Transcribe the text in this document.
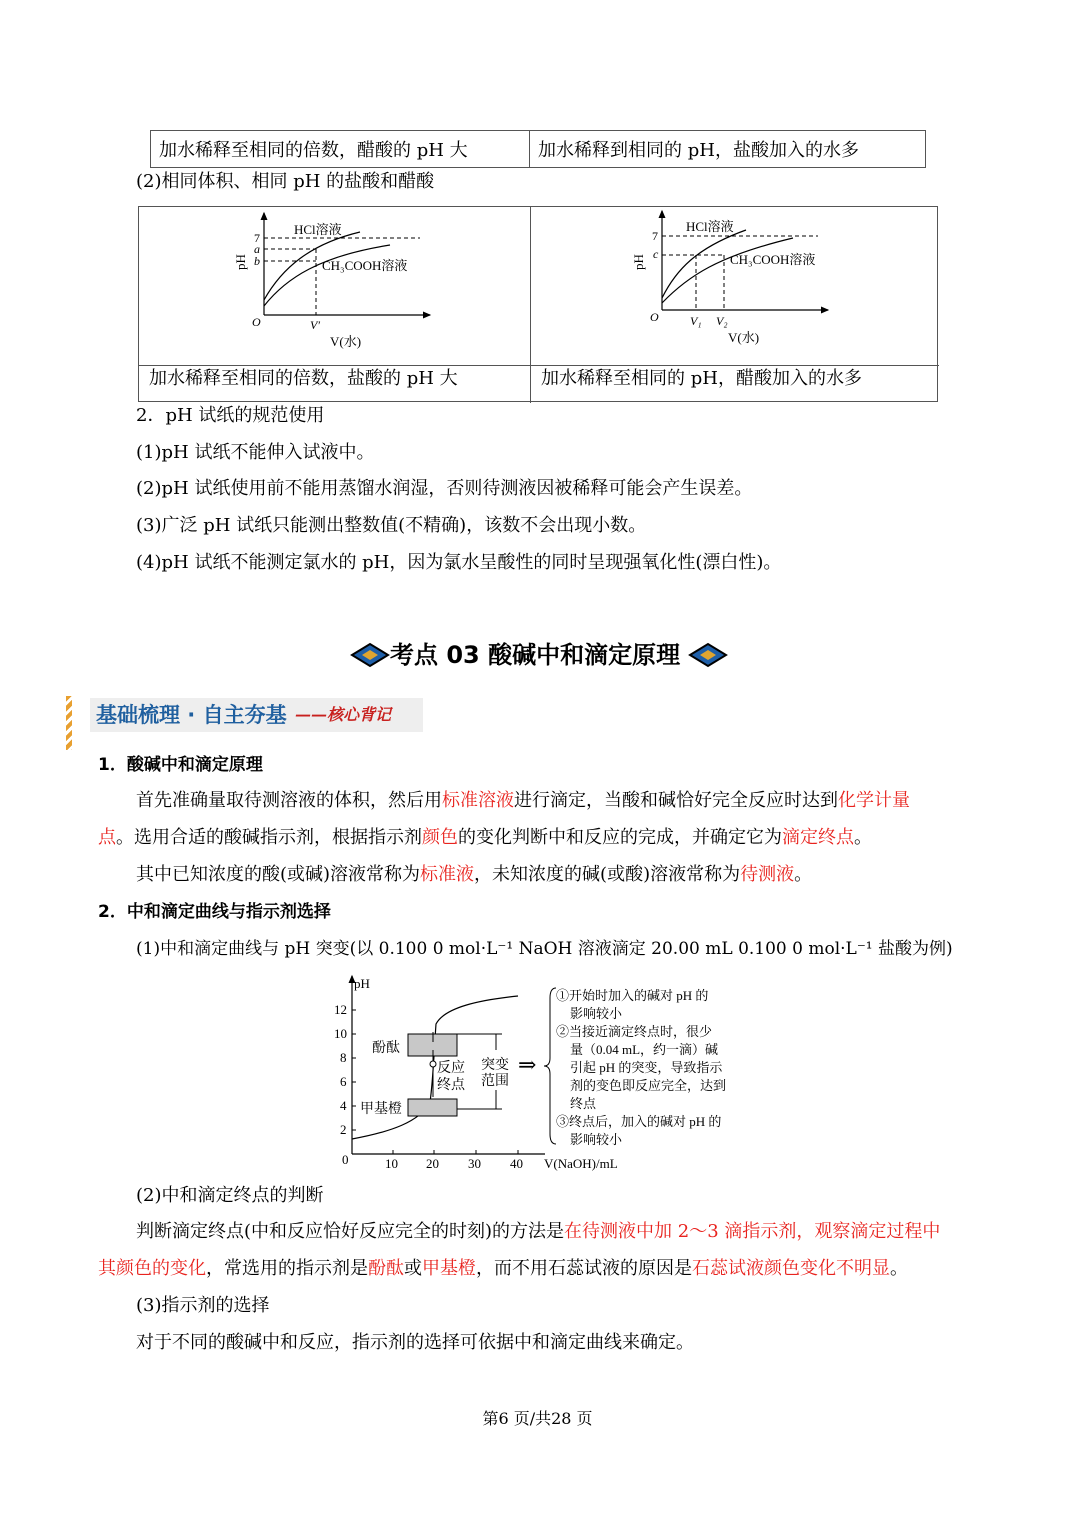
加水稀释至相同的倍数，醋酸的 pH 大	加水稀释到相同的 pH，盐酸加入的水多
(2)相同体积、相同 pH 的盐酸和醋酸
加水稀释至相同的倍数，盐酸的 pH 大	加水稀释至相同的 pH，醋酸加入的水多
pH
7
a
b
O	V′
V(水)
HCl溶液
CH₃COOH溶液	pH
7
c
O	V₁ V₂
V(水)
HCl溶液
CH₃COOH溶液
2．pH 试纸的规范使用
(1)pH 试纸不能伸入试液中。
(2)pH 试纸使用前不能用蒸馏水润湿，否则待测液因被稀释可能会产生误差。
(3)广泛 pH 试纸只能测出整数值(不精确)，该数不会出现小数。
(4)pH 试纸不能测定氯水的 pH，因为氯水呈酸性的同时呈现强氧化性(漂白性)。
考点 03 酸碱中和滴定原理
基础梳理 · 自主夯基 ——核心背记
1．酸碱中和滴定原理
首先准确量取待测溶液的体积，然后用标准溶液进行滴定，当酸和碱恰好完全反应时达到化学计量
点。选用合适的酸碱指示剂，根据指示剂颜色的变化判断中和反应的完成，并确定它为滴定终点。
其中已知浓度的酸(或碱)溶液常称为标准液，未知浓度的碱(或酸)溶液常称为待测液。
2．中和滴定曲线与指示剂选择
(1)中和滴定曲线与 pH 突变(以 0.100 0 mol·L⁻¹ NaOH 溶液滴定 20.00 mL 0.100 0 mol·L⁻¹ 盐酸为例)
pH
12
10
8
6
4
2
0	10 20 30 40 V(NaOH)/mL
酚酞
甲基橙
反应
终点
突变
范围
⇒
①开始时加入的碱对 pH 的
影响较小
②当接近滴定终点时，很少
量（0.04 mL，约一滴）碱
引起 pH 的突变，导致指示
剂的变色即反应完全，达到
终点
③终点后，加入的碱对 pH 的
影响较小
(2)中和滴定终点的判断
判断滴定终点(中和反应恰好反应完全的时刻)的方法是在待测液中加 2～3 滴指示剂，观察滴定过程中
其颜色的变化，常选用的指示剂是酚酞或甲基橙，而不用石蕊试液的原因是石蕊试液颜色变化不明显。
(3)指示剂的选择
对于不同的酸碱中和反应，指示剂的选择可依据中和滴定曲线来确定。
第6 页/共28 页
